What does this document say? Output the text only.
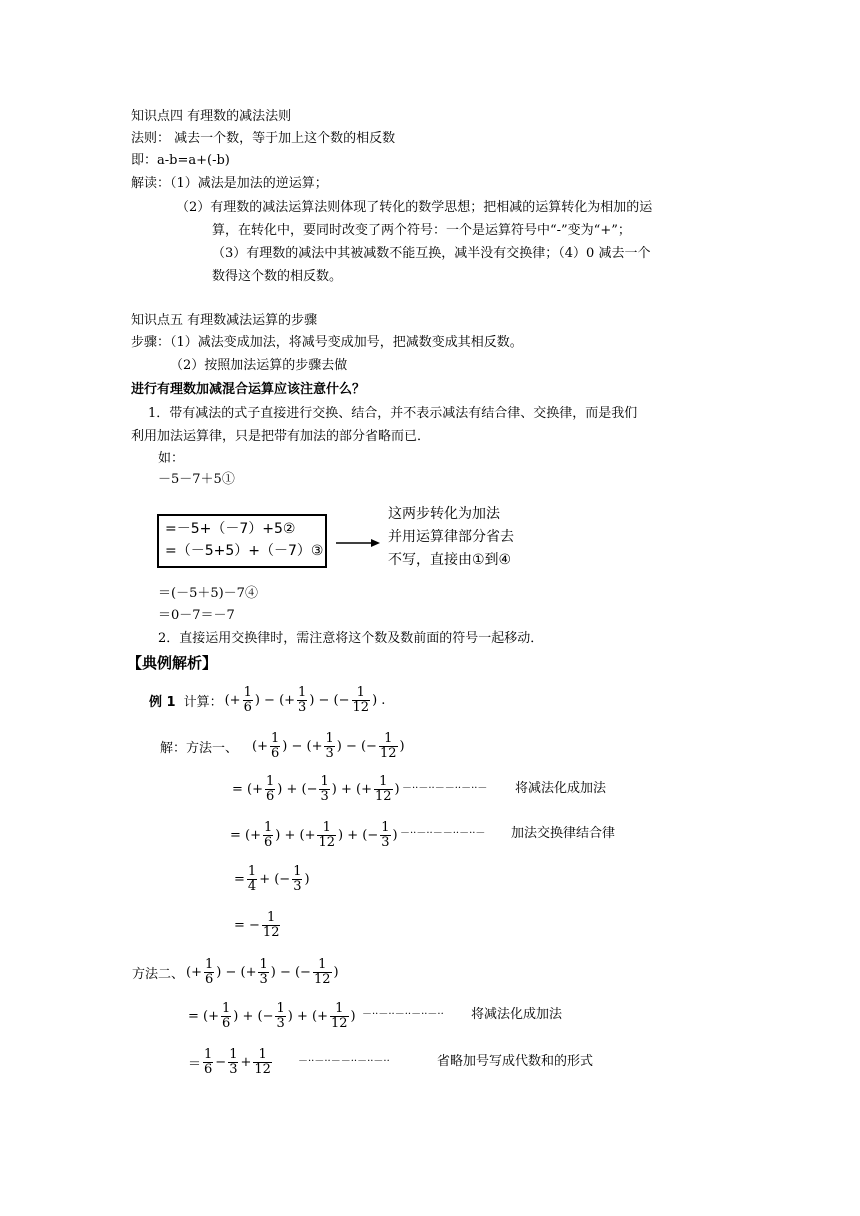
知识点四 有理数的减法法则
法则： 减去一个数，等于加上这个数的相反数
即：a-b=a+(-b)
解读：（1）减法是加法的逆运算；
（2）有理数的减法运算法则体现了转化的数学思想；把相减的运算转化为相加的运
算，在转化中，要同时改变了两个符号：一个是运算符号中“-”变为“+”；
（3）有理数的减法中其被减数不能互换，减半没有交换律；（4）0 减去一个
数得这个数的相反数。
知识点五 有理数减法运算的步骤
步骤：（1）减法变成加法，将减号变成加号，把减数变成其相反数。
（2）按照加法运算的步骤去做
进行有理数加减混合运算应该注意什么？
1．带有减法的式子直接进行交换、结合，并不表示减法有结合律、交换律，而是我们
利用加法运算律，只是把带有加法的部分省略而已．
如：
－5－7＋5①
=－5+（－7）+5②
=（－5+5）+（－7）③
这两步转化为加法
并用运算律部分省去
不写，直接由①到④
＝(－5＋5)－7④
＝0－7＝－7
2．直接运用交换律时，需注意将这个数及数前面的符号一起移动．
【典例解析】
例 1 计算： (+ $\frac{1}{6}$ ) − (+ $\frac{1}{3}$ ) − (− $\frac{1}{12}$ ) .
解：方法一、 (+ $\frac{1}{6}$ ) − (+ $\frac{1}{3}$ ) − (− $\frac{1}{12}$ )
= (+ $\frac{1}{6}$ ) + (− $\frac{1}{3}$ ) + (+ $\frac{1}{12}$ ) －··－··－－··－··－ 将减法化成加法
= (+ $\frac{1}{6}$ ) + (+ $\frac{1}{12}$ ) + (− $\frac{1}{3}$ ) －··－··－－··－··－ 加法交换律结合律
= $\frac{1}{4}$ + (− $\frac{1}{3}$ )
= − $\frac{1}{12}$
方法二、 (+ $\frac{1}{6}$ ) − (+ $\frac{1}{3}$ ) − (− $\frac{1}{12}$ )
= (+ $\frac{1}{6}$ ) + (− $\frac{1}{3}$ ) + (+ $\frac{1}{12}$ ) －··－··－··－··－·· 将减法化成加法
＝ $\frac{1}{6} - \frac{1}{3} + \frac{1}{12}$	－··－··－－··－··－··	省略加号写成代数和的形式
